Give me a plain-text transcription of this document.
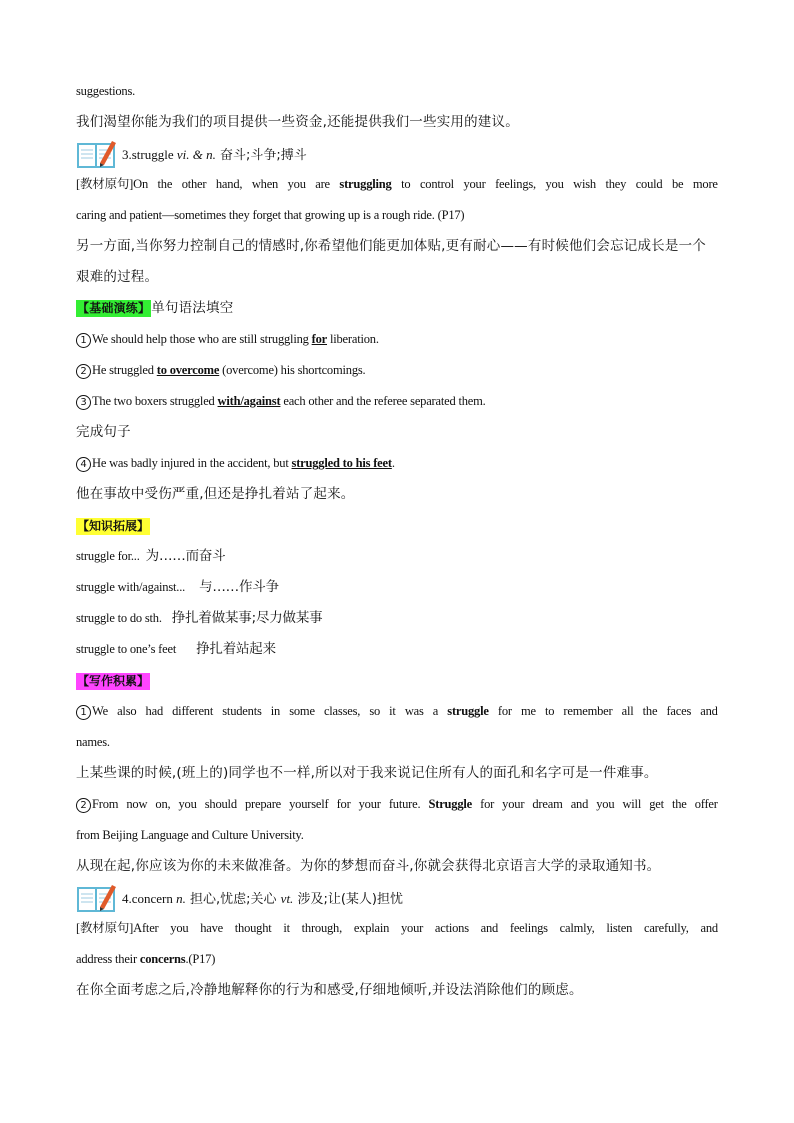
suggestions.
我们渴望你能为我们的项目提供一些资金,还能提供我们一些实用的建议。
3.struggle vi. & n. 奋斗;斗争;搏斗
[教材原句]On the other hand, when you are struggling to control your feelings, you wish they could be more
caring and patient—sometimes they forget that growing up is a rough ride. (P17)
另一方面,当你努力控制自己的情感时,你希望他们能更加体贴,更有耐心——有时候他们会忘记成长是一个
艰难的过程。
【基础演练】单句语法填空
1 We should help those who are still struggling for liberation.
2 He struggled to overcome (overcome) his shortcomings.
3 The two boxers struggled with/against each other and the referee separated them.
完成句子
4 He was badly injured in the accident, but struggled to his feet.
他在事故中受伤严重,但还是挣扎着站了起来。
【知识拓展】
struggle for... 为……而奋斗
struggle with/against... 与……作斗争
struggle to do sth. 挣扎着做某事;尽力做某事
struggle to one’s feet 挣扎着站起来
【写作积累】
1 We also had different students in some classes, so it was a struggle for me to remember all the faces and
names.
上某些课的时候,(班上的)同学也不一样,所以对于我来说记住所有人的面孔和名字可是一件难事。
2 From now on, you should prepare yourself for your future. Struggle for your dream and you will get the offer
from Beijing Language and Culture University.
从现在起,你应该为你的未来做准备。为你的梦想而奋斗,你就会获得北京语言大学的录取通知书。
4.concern n. 担心,忧虑;关心 vt. 涉及;让(某人)担忧
[教材原句]After you have thought it through, explain your actions and feelings calmly, listen carefully, and
address their concerns.(P17)
在你全面考虑之后,冷静地解释你的行为和感受,仔细地倾听,并设法消除他们的顾虑。
